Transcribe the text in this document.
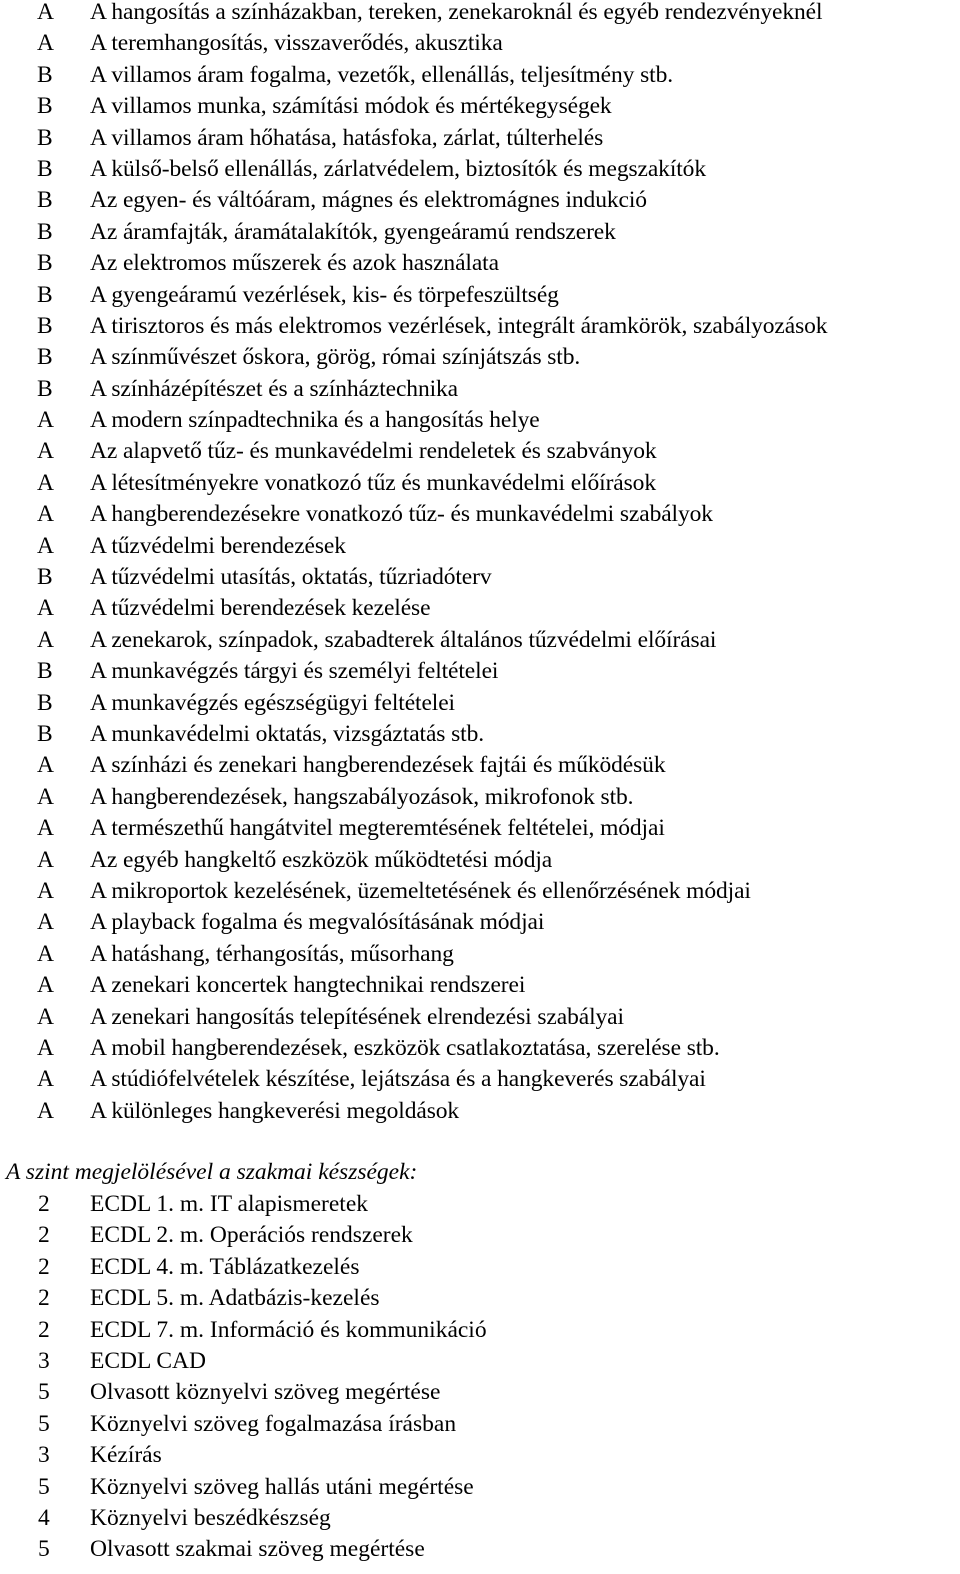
A	A hangosítás a színházakban, tereken, zenekaroknál és egyéb rendezvényeknél
A	A teremhangosítás, visszaverődés, akusztika
B	A villamos áram fogalma, vezetők, ellenállás, teljesítmény stb.
B	A villamos munka, számítási módok és mértékegységek
B	A villamos áram hőhatása, hatásfoka, zárlat, túlterhelés
B	A külső-belső ellenállás, zárlatvédelem, biztosítók és megszakítók
B	Az egyen- és váltóáram, mágnes és elektromágnes indukció
B	Az áramfajták, áramátalakítók, gyengeáramú rendszerek
B	Az elektromos műszerek és azok használata
B	A gyengeáramú vezérlések, kis- és törpefeszültség
B	A tirisztoros és más elektromos vezérlések, integrált áramkörök, szabályozások
B	A színművészet őskora, görög, római színjátszás stb.
B	A színházépítészet és a színháztechnika
A	A modern színpadtechnika és a hangosítás helye
A	Az alapvető tűz- és munkavédelmi rendeletek és szabványok
A	A létesítményekre vonatkozó tűz és munkavédelmi előírások
A	A hangberendezésekre vonatkozó tűz- és munkavédelmi szabályok
A	A tűzvédelmi berendezések
B	A tűzvédelmi utasítás, oktatás, tűzriadóterv
A	A tűzvédelmi berendezések kezelése
A	A zenekarok, színpadok, szabadterek általános tűzvédelmi előírásai
B	A munkavégzés tárgyi és személyi feltételei
B	A munkavégzés egészségügyi feltételei
B	A munkavédelmi oktatás, vizsgáztatás stb.
A	A színházi és zenekari hangberendezések fajtái és működésük
A	A hangberendezések, hangszabályozások, mikrofonok stb.
A	A természethű hangátvitel megteremtésének feltételei, módjai
A	Az egyéb hangkeltő eszközök működtetési módja
A	A mikroportok kezelésének, üzemeltetésének és ellenőrzésének módjai
A	A playback fogalma és megvalósításának módjai
A	A hatáshang, térhangosítás, műsorhang
A	A zenekari koncertek hangtechnikai rendszerei
A	A zenekari hangosítás telepítésének elrendezési szabályai
A	A mobil hangberendezések, eszközök csatlakoztatása, szerelése stb.
A	A stúdiófelvételek készítése, lejátszása és a hangkeverés szabályai
A	A különleges hangkeverési megoldások
A szint megjelölésével a szakmai készségek:
2	ECDL 1. m. IT alapismeretek
2	ECDL 2. m. Operációs rendszerek
2	ECDL 4. m. Táblázatkezelés
2	ECDL 5. m. Adatbázis-kezelés
2	ECDL 7. m. Információ és kommunikáció
3	ECDL CAD
5	Olvasott köznyelvi szöveg megértése
5	Köznyelvi szöveg fogalmazása írásban
3	Kézírás
5	Köznyelvi szöveg hallás utáni megértése
4	Köznyelvi beszédkészség
5	Olvasott szakmai szöveg megértése
